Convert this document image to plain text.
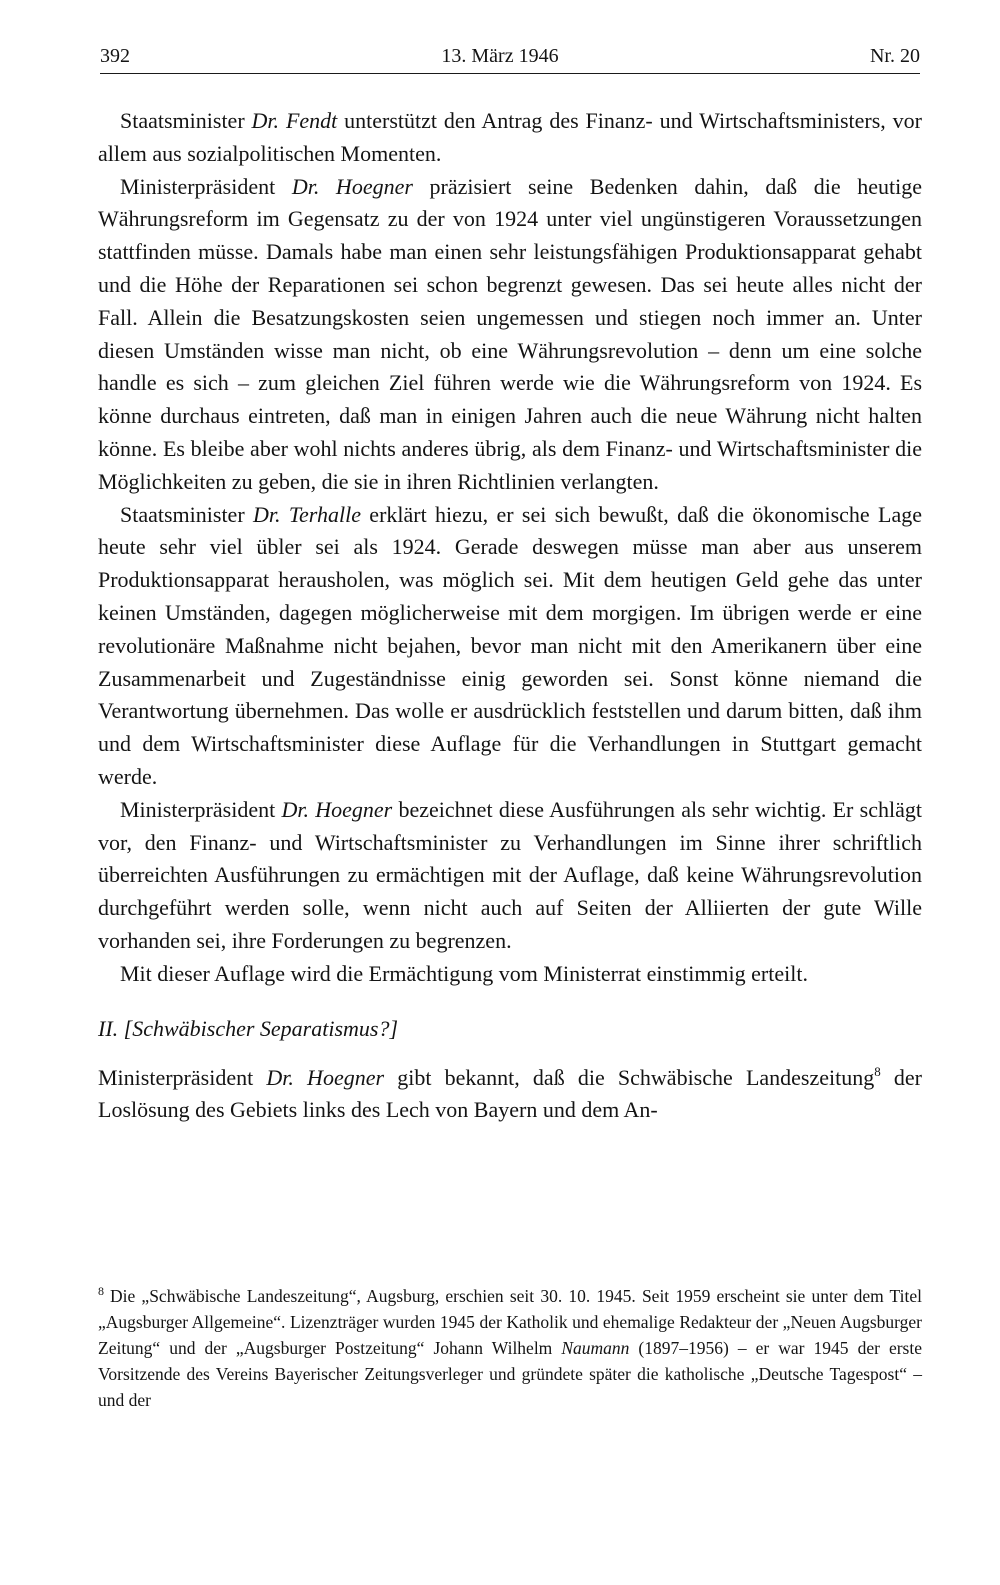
392	13. März 1946	Nr. 20

Staatsminister Dr. Fendt unterstützt den Antrag des Finanz- und Wirtschaftsministers, vor allem aus sozialpolitischen Momenten.

Ministerpräsident Dr. Hoegner präzisiert seine Bedenken dahin, daß die heutige Währungsreform im Gegensatz zu der von 1924 unter viel ungünstigeren Voraussetzungen stattfinden müsse. Damals habe man einen sehr leistungsfähigen Produktionsapparat gehabt und die Höhe der Reparationen sei schon begrenzt gewesen. Das sei heute alles nicht der Fall. Allein die Besatzungskosten seien ungemessen und stiegen noch immer an. Unter diesen Umständen wisse man nicht, ob eine Währungsrevolution – denn um eine solche handle es sich – zum gleichen Ziel führen werde wie die Währungsreform von 1924. Es könne durchaus eintreten, daß man in einigen Jahren auch die neue Währung nicht halten könne. Es bleibe aber wohl nichts anderes übrig, als dem Finanz- und Wirtschaftsminister die Möglichkeiten zu geben, die sie in ihren Richtlinien verlangten.

Staatsminister Dr. Terhalle erklärt hiezu, er sei sich bewußt, daß die ökonomische Lage heute sehr viel übler sei als 1924. Gerade deswegen müsse man aber aus unserem Produktionsapparat herausholen, was möglich sei. Mit dem heutigen Geld gehe das unter keinen Umständen, dagegen möglicherweise mit dem morgigen. Im übrigen werde er eine revolutionäre Maßnahme nicht bejahen, bevor man nicht mit den Amerikanern über eine Zusammenarbeit und Zugeständnisse einig geworden sei. Sonst könne niemand die Verantwortung übernehmen. Das wolle er ausdrücklich feststellen und darum bitten, daß ihm und dem Wirtschaftsminister diese Auflage für die Verhandlungen in Stuttgart gemacht werde.

Ministerpräsident Dr. Hoegner bezeichnet diese Ausführungen als sehr wichtig. Er schlägt vor, den Finanz- und Wirtschaftsminister zu Verhandlungen im Sinne ihrer schriftlich überreichten Ausführungen zu ermächtigen mit der Auflage, daß keine Währungsrevolution durchgeführt werden solle, wenn nicht auch auf Seiten der Alliierten der gute Wille vorhanden sei, ihre Forderungen zu begrenzen.

Mit dieser Auflage wird die Ermächtigung vom Ministerrat einstimmig erteilt.

II. [Schwäbischer Separatismus?]

Ministerpräsident Dr. Hoegner gibt bekannt, daß die Schwäbische Landeszeitung$^8$ der Loslösung des Gebiets links des Lech von Bayern und dem An-

$^8$ Die „Schwäbische Landeszeitung“, Augsburg, erschien seit 30. 10. 1945. Seit 1959 erscheint sie unter dem Titel „Augsburger Allgemeine“. Lizenzträger wurden 1945 der Katholik und ehemalige Redakteur der „Neuen Augsburger Zeitung“ und der „Augsburger Postzeitung“ Johann Wilhelm Naumann (1897–1956) – er war 1945 der erste Vorsitzende des Vereins Bayerischer Zeitungsverleger und gründete später die katholische „Deutsche Tagespost“ – und der
